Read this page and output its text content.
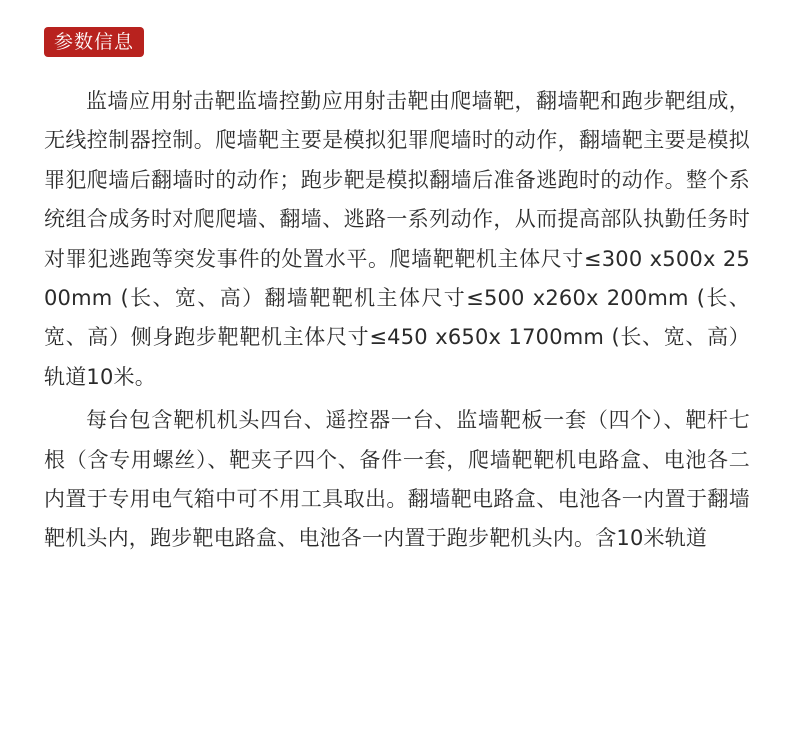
参数信息

监墙应用射击靶监墙控勤应用射击靶由爬墙靶，翻墙靶和跑步靶组成，无线控制器控制。爬墙靶主要是模拟犯罪爬墙时的动作，翻墙靶主要是模拟罪犯爬墙后翻墙时的动作；跑步靶是模拟翻墙后准备逃跑时的动作。整个系统组合成务时对爬爬墙、翻墙、逃路一系列动作，从而提高部队执勤任务时对罪犯逃跑等突发事件的处置水平。爬墙靶靶机主体尺寸≤300 x500x 2500mm (长、宽、高）翻墙靶靶机主体尺寸≤500 x260x 200mm (长、宽、高）侧身跑步靶靶机主体尺寸≤450 x650x 1700mm (长、宽、高）轨道10米。

每台包含靶机机头四台、遥控器一台、监墙靶板一套（四个）、靶杆七根（含专用螺丝）、靶夹子四个、备件一套，爬墙靶靶机电路盒、电池各二内置于专用电气箱中可不用工具取出。翻墙靶电路盒、电池各一内置于翻墙靶机头内，跑步靶电路盒、电池各一内置于跑步靶机头内。含10米轨道
